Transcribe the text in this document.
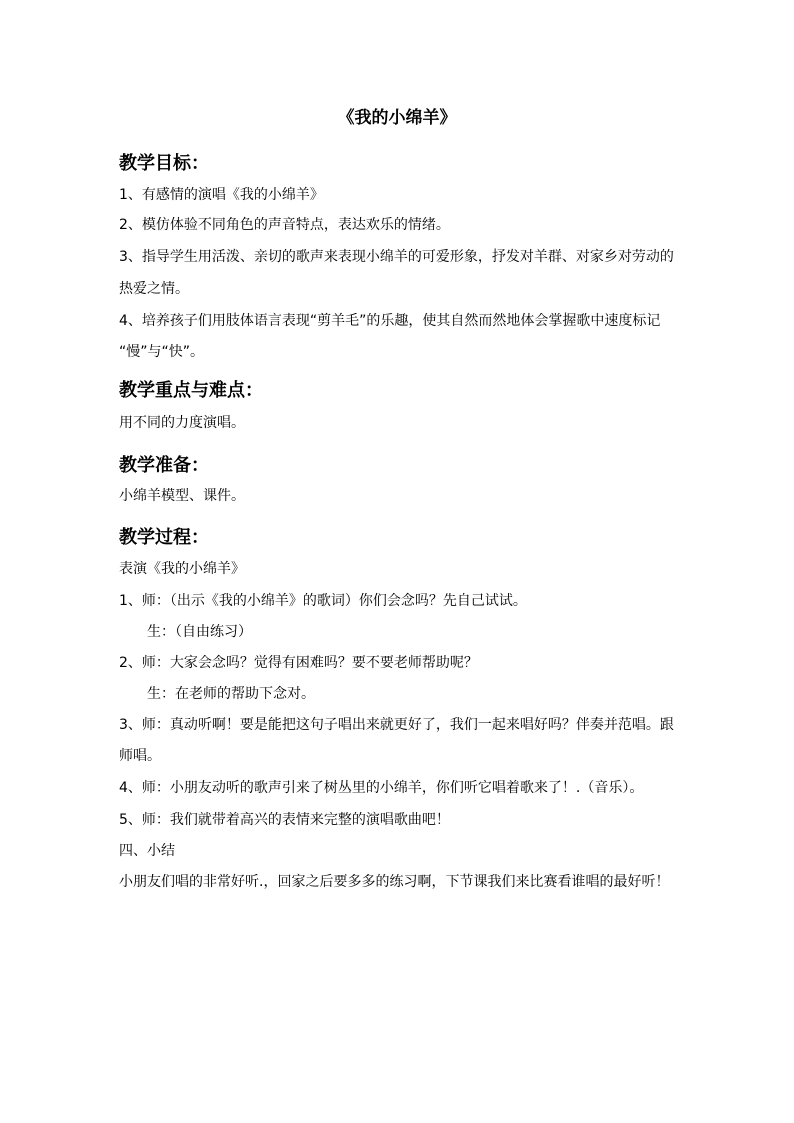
《我的小绵羊》
教学目标：
1、有感情的演唱《我的小绵羊》
2、模仿体验不同角色的声音特点，表达欢乐的情绪。
3、指导学生用活泼、亲切的歌声来表现小绵羊的可爱形象，抒发对羊群、对家乡对劳动的
热爱之情。
4、培养孩子们用肢体语言表现“剪羊毛”的乐趣，使其自然而然地体会掌握歌中速度标记
“慢”与“快”。
教学重点与难点：
用不同的力度演唱。
教学准备：
小绵羊模型、课件。
教学过程：
表演《我的小绵羊》
1、师：（出示《我的小绵羊》的歌词）你们会念吗？先自己试试。
生：（自由练习）
2、师：大家会念吗？觉得有困难吗？要不要老师帮助呢？
生：在老师的帮助下念对。
3、师：真动听啊！要是能把这句子唱出来就更好了，我们一起来唱好吗？伴奏并范唱。跟
师唱。
4、师：小朋友动听的歌声引来了树丛里的小绵羊，你们听它唱着歌来了！.（音乐）。
5、师：我们就带着高兴的表情来完整的演唱歌曲吧！
四、小结
小朋友们唱的非常好听.，回家之后要多多的练习啊，下节课我们来比赛看谁唱的最好听！
